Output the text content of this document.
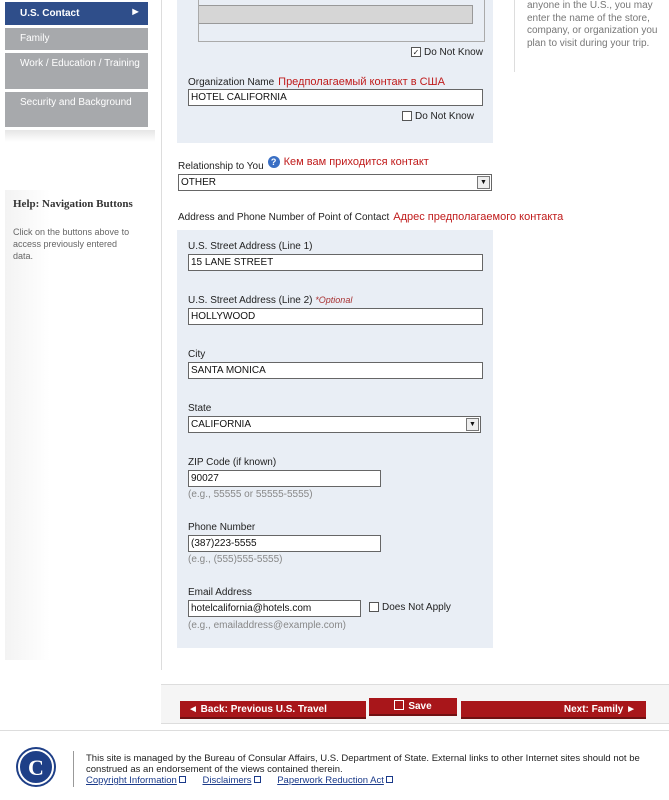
U.S. Contact	►
Family
Work / Education / Training
Security and Background
Help: Navigation Buttons
Click on the buttons above to access previously entered data.
✓ Do Not Know
Organization Name Предполагаемый контакт в США
HOTEL CALIFORNIA
Do Not Know
Relationship to You ? Кем вам приходится контакт
OTHER	▼
Address and Phone Number of Point of Contact Адрес предполагаемого контакта
U.S. Street Address (Line 1)
15 LANE STREET
U.S. Street Address (Line 2) *Optional
HOLLYWOOD
City
SANTA MONICA
State
CALIFORNIA	▼
ZIP Code (if known)
90027
(e.g., 55555 or 55555-5555)
Phone Number
(387)223-5555
(e.g., (555)555-5555)
Email Address
hotelcalifornia@hotels.com	Does Not Apply
(e.g., emailaddress@example.com)
anyone in the U.S., you may enter the name of the store, company, or organization you plan to visit during your trip.
◄ Back: Previous U.S. Travel	Save	Next: Family ►
C	This site is managed by the Bureau of Consular Affairs, U.S. Department of State. External links to other Internet sites should not be construed as an endorsement of the views contained therein.
Copyright Information	Disclaimers	Paperwork Reduction Act
